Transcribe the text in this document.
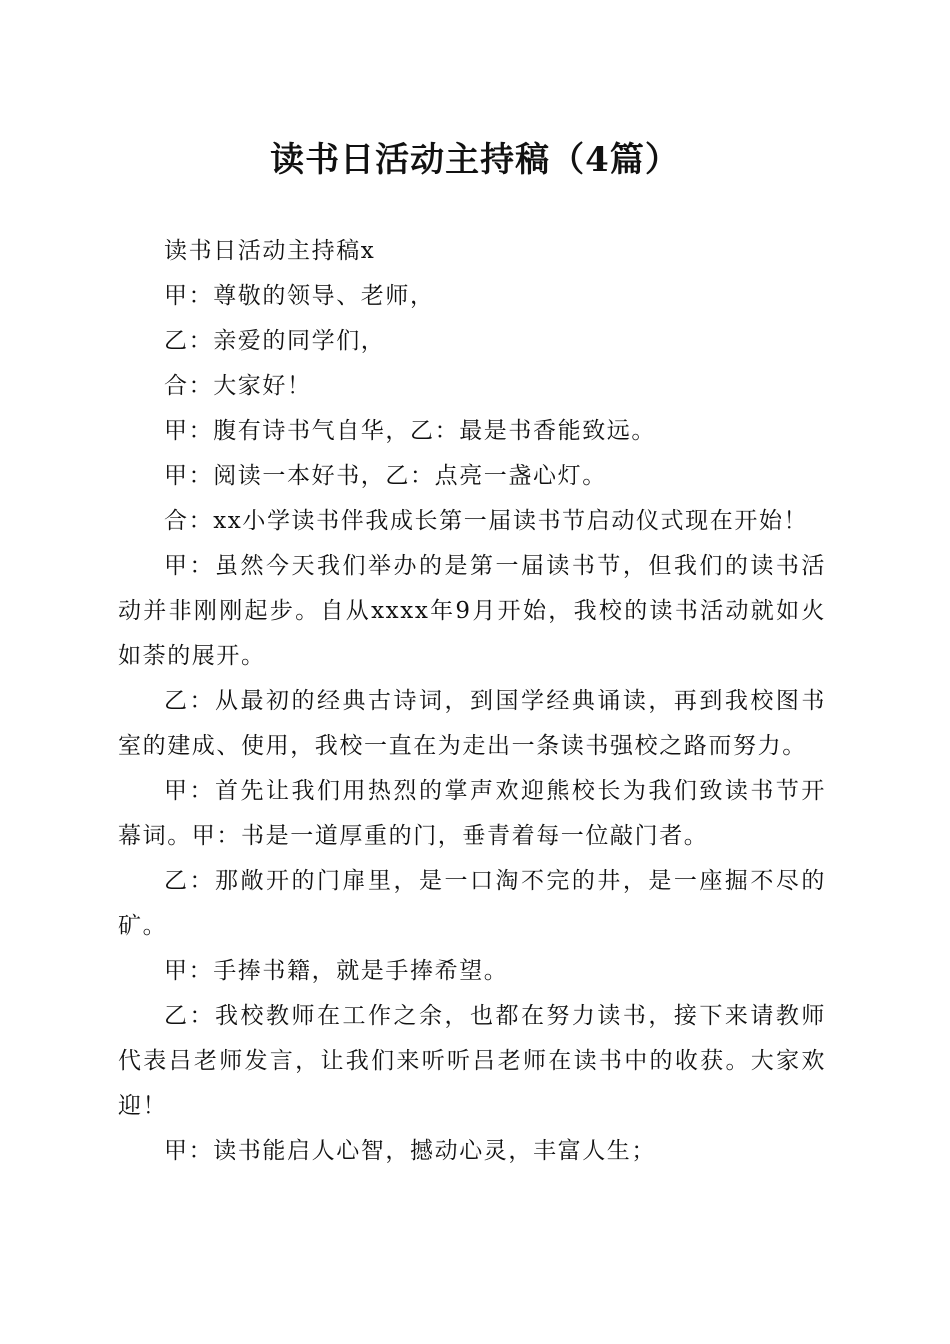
读书日活动主持稿（4篇）

读书日活动主持稿x

甲：尊敬的领导、老师，

乙：亲爱的同学们，

合：大家好！

甲：腹有诗书气自华，乙：最是书香能致远。

甲：阅读一本好书，乙：点亮一盏心灯。

合：xx小学读书伴我成长第一届读书节启动仪式现在开始！

甲：虽然今天我们举办的是第一届读书节，但我们的读书活动并非刚刚起步。自从xxxx年9月开始，我校的读书活动就如火如荼的展开。

乙：从最初的经典古诗词，到国学经典诵读，再到我校图书室的建成、使用，我校一直在为走出一条读书强校之路而努力。

甲：首先让我们用热烈的掌声欢迎熊校长为我们致读书节开幕词。甲：书是一道厚重的门，垂青着每一位敲门者。

乙：那敞开的门扉里，是一口淘不完的井，是一座掘不尽的矿。

甲：手捧书籍，就是手捧希望。

乙：我校教师在工作之余，也都在努力读书，接下来请教师代表吕老师发言，让我们来听听吕老师在读书中的收获。大家欢迎！

甲：读书能启人心智，撼动心灵，丰富人生；
